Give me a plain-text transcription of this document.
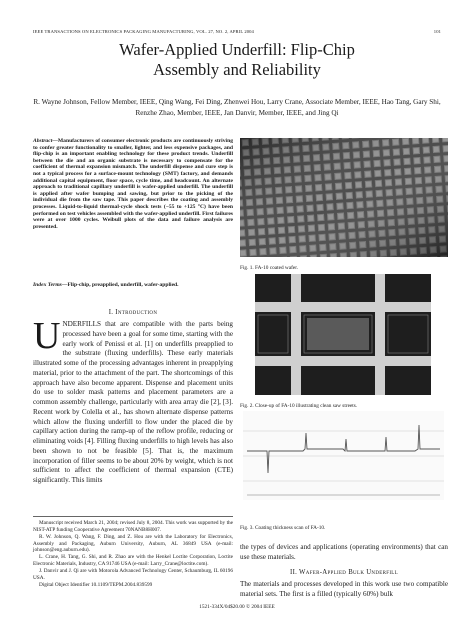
IEEE TRANSACTIONS ON ELECTRONICS PACKAGING MANUFACTURING, VOL. 27, NO. 2, APRIL 2004	101
Wafer-Applied Underfill: Flip-Chip
Assembly and Reliability
R. Wayne Johnson, Fellow Member, IEEE, Qing Wang, Fei Ding, Zhenwei Hou, Larry Crane, Associate Member, IEEE, Hao Tang, Gary Shi, Renzhe Zhao, Member, IEEE, Jan Danvir, Member, IEEE, and Jing Qi
Abstract—Manufacturers of consumer electronic products are continuously striving to confer greater functionality to smaller, lighter, and less expensive packages, and flip-chip is an important enabling technology for these product trends. Underfill between the die and an organic substrate is necessary to compensate for the coefficient of thermal expansion mismatch. The underfill dispense and cure step is not a typical process for a surface-mount technology (SMT) factory, and demands additional capital equipment, floor space, cycle time, and headcount. An alternate approach to traditional capillary underfill is wafer-applied underfill. The underfill is applied after wafer bumping and sawing, but prior to the picking of the individual die from the saw tape. This paper describes the coating and assembly processes. Liquid-to-liquid thermal-cycle shock tests (−55 to +125 °C) have been performed on test vehicles assembled with the wafer-applied underfill. First failures were at over 1000 cycles. Weibull plots of the data and failure analysis are presented.
Index Terms—Flip-chip, preapplied, underfill, wafer-applied.
I. Introduction
UNDERFILLS that are compatible with the parts being processed have been a goal for some time, starting with the early work of Penissi et al. [1] on underfills preapplied to the substrate (fluxing underfills). These early materials illustrated some of the processing advantages inherent in preapplying material, prior to the attachment of the part. The shortcomings of this approach have also become apparent. Dispense and placement units do use to solder mask patterns and placement parameters are a common assembly challenge, particularly with area array die [2], [3]. Recent work by Colella et al., has shown alternate dispense patterns which allow the fluxing underfill to flow under the placed die by capillary action during the ramp-up of the reflow profile, reducing or eliminating voids [4]. Filling fluxing underfills to high levels has also been shown to not be feasible [5]. That is, the maximum incorporation of filler seems to be about 20% by weight, which is not sufficient to affect the coefficient of thermal expansion (CTE) significantly. This limits

Manuscript received March 21, 2004; revised July 8, 2004. This work was supported by the NIST-ATP funding Cooperative Agreement 70NANB8H007.

R. W. Johnson, Q. Wang, F. Ding, and Z. Hou are with the Laboratory for Electronics, Assembly and Packaging, Auburn University, Auburn, AL 36849 USA (e-mail: johnson@eng.auburn.edu).

L. Crane, H. Tang, G. Shi, and R. Zhao are with the Henkel Loctite Corporation, Loctite Electronic Materials, Industry, CA 91746 USA (e-mail: Larry_Crane@loctite.com).

J. Danvir and J. Qi are with Motorola Advanced Technology Center, Schaumburg, IL 60196 USA.

Digital Object Identifier 10.1109/TEPM.2004.839599

Fig. 1. FA-10 coated wafer.
Fig. 2. Close-up of FA-10 illustrating clean saw streets.
Fig. 3. Coating thickness scan of FA-10.
the types of devices and applications (operating environments) that can use these materials.
II. Wafer-Applied Bulk Underfill
The materials and processes developed in this work use two compatible material sets. The first is a filled (typically 60%) bulk
1521-334X/04$20.00 © 2004 IEEE
